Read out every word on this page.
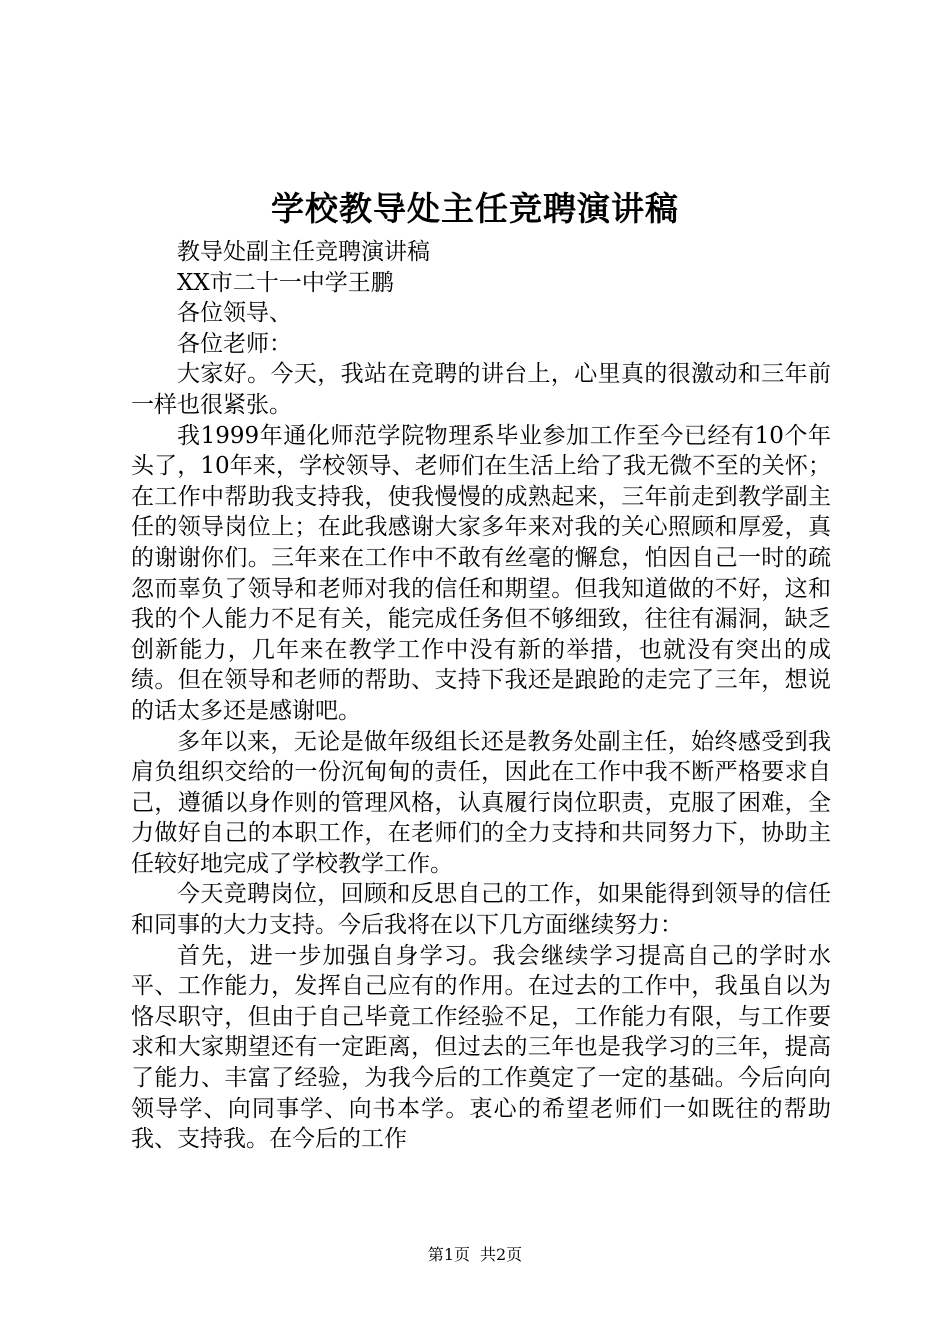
学校教导处主任竞聘演讲稿

教导处副主任竞聘演讲稿

XX市二十一中学王鹏

各位领导、

各位老师：

大家好。今天，我站在竞聘的讲台上，心里真的很激动和三年前一样也很紧张。

我1999年通化师范学院物理系毕业参加工作至今已经有10个年头了，10年来，学校领导、老师们在生活上给了我无微不至的关怀；在工作中帮助我支持我，使我慢慢的成熟起来，三年前走到教学副主任的领导岗位上；在此我感谢大家多年来对我的关心照顾和厚爱，真的谢谢你们。三年来在工作中不敢有丝毫的懈怠，怕因自己一时的疏忽而辜负了领导和老师对我的信任和期望。但我知道做的不好，这和我的个人能力不足有关，能完成任务但不够细致，往往有漏洞，缺乏创新能力，几年来在教学工作中没有新的举措，也就没有突出的成绩。但在领导和老师的帮助、支持下我还是踉跄的走完了三年，想说的话太多还是感谢吧。

多年以来，无论是做年级组长还是教务处副主任，始终感受到我肩负组织交给的一份沉甸甸的责任，因此在工作中我不断严格要求自己，遵循以身作则的管理风格，认真履行岗位职责，克服了困难，全力做好自己的本职工作，在老师们的全力支持和共同努力下，协助主任较好地完成了学校教学工作。

今天竞聘岗位，回顾和反思自己的工作，如果能得到领导的信任和同事的大力支持。今后我将在以下几方面继续努力：

首先，进一步加强自身学习。我会继续学习提高自己的学时水平、工作能力，发挥自己应有的作用。在过去的工作中，我虽自以为恪尽职守，但由于自己毕竟工作经验不足，工作能力有限，与工作要求和大家期望还有一定距离，但过去的三年也是我学习的三年，提高了能力、丰富了经验，为我今后的工作奠定了一定的基础。今后向向领导学、向同事学、向书本学。衷心的希望老师们一如既往的帮助我、支持我。在今后的工作

第1页 共2页
